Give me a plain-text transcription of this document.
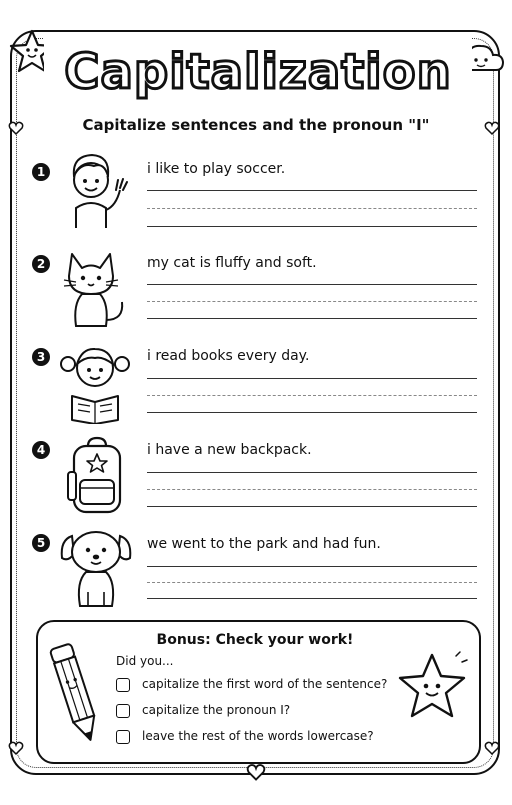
Capitalization
Capitalize sentences and the pronoun "I"
1	i like to play soccer.
2	my cat is fluffy and soft.
3	i read books every day.
4	i have a new backpack.
5	we went to the park and had fun.
Bonus: Check your work!
Did you...
capitalize the first word of the sentence?
capitalize the pronoun I?
leave the rest of the words lowercase?
